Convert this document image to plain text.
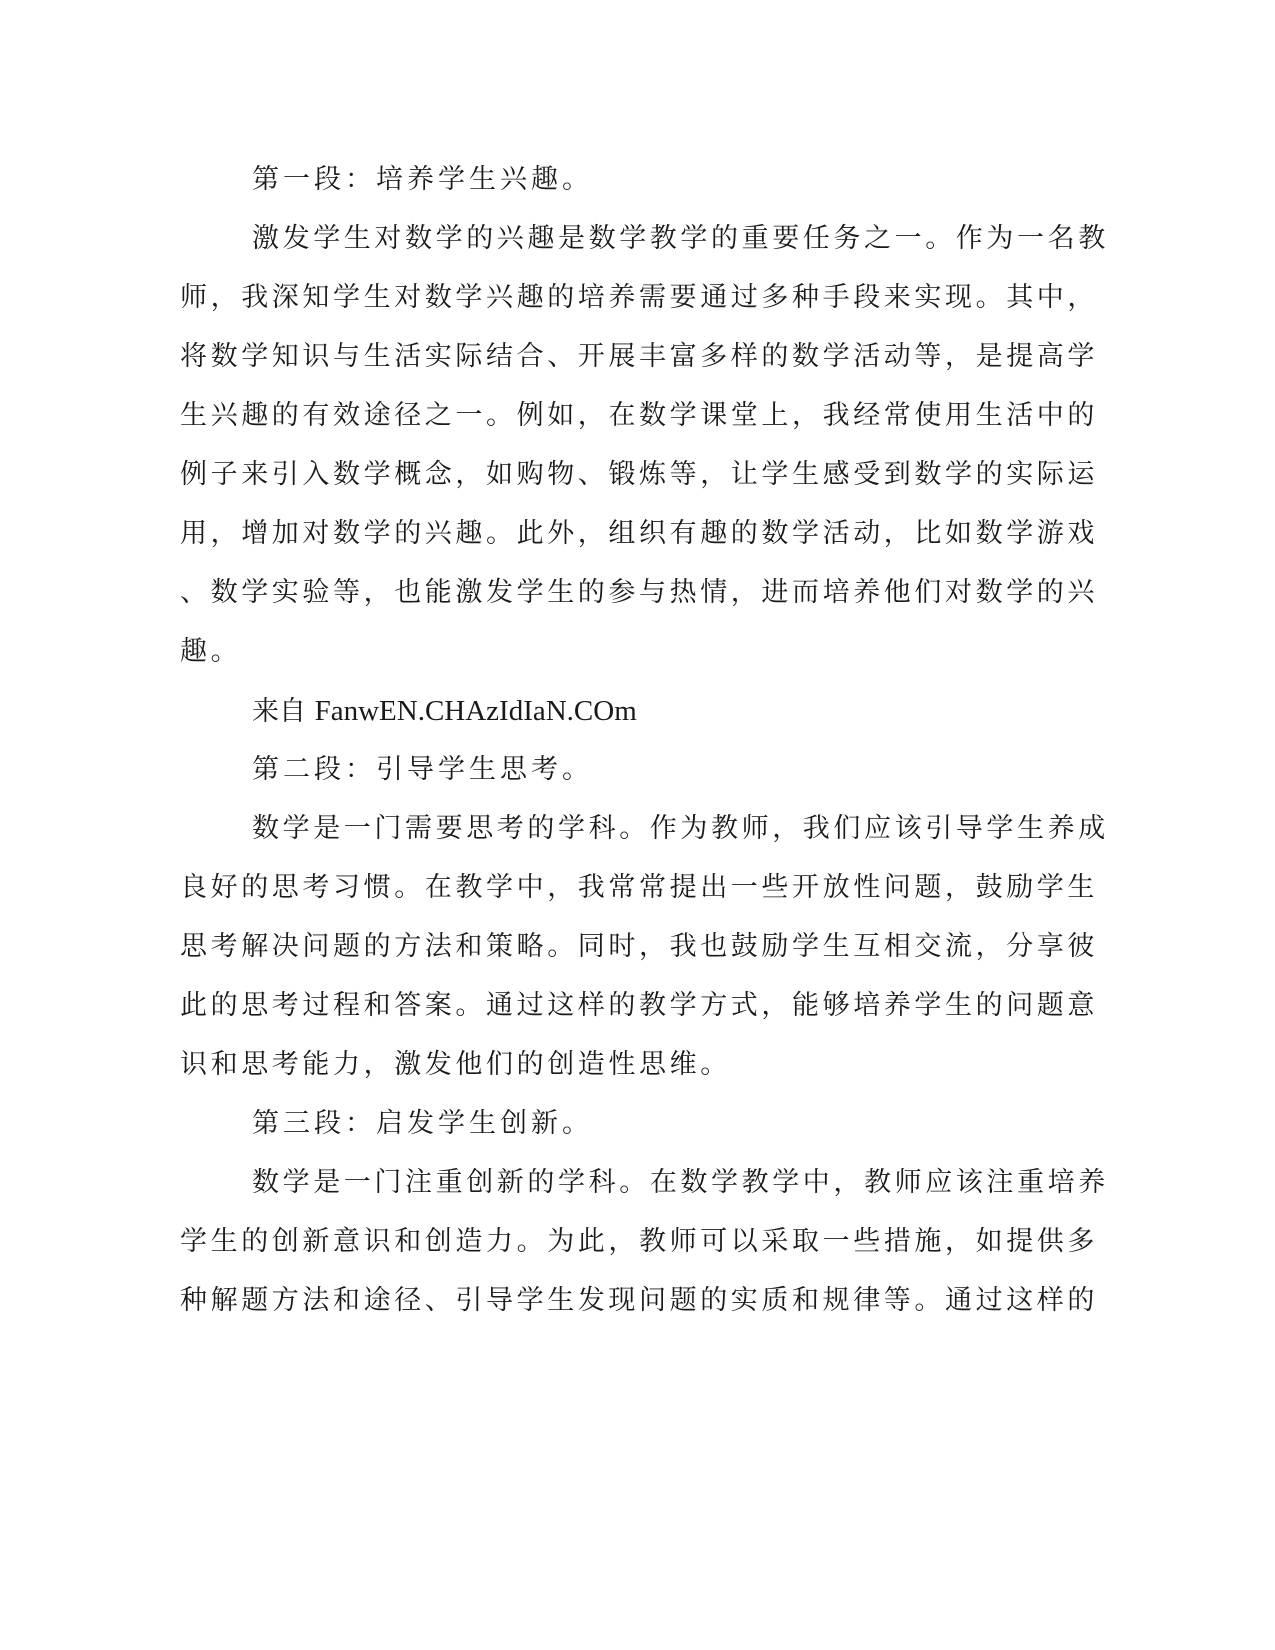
第一段：培养学生兴趣。
激发学生对数学的兴趣是数学教学的重要任务之一。作为一名教
师，我深知学生对数学兴趣的培养需要通过多种手段来实现。其中，
将数学知识与生活实际结合、开展丰富多样的数学活动等，是提高学
生兴趣的有效途径之一。例如，在数学课堂上，我经常使用生活中的
例子来引入数学概念，如购物、锻炼等，让学生感受到数学的实际运
用，增加对数学的兴趣。此外，组织有趣的数学活动，比如数学游戏
、数学实验等，也能激发学生的参与热情，进而培养他们对数学的兴
趣。
来自 FanwEN.CHAzIdIaN.COm
第二段：引导学生思考。
数学是一门需要思考的学科。作为教师，我们应该引导学生养成
良好的思考习惯。在教学中，我常常提出一些开放性问题，鼓励学生
思考解决问题的方法和策略。同时，我也鼓励学生互相交流，分享彼
此的思考过程和答案。通过这样的教学方式，能够培养学生的问题意
识和思考能力，激发他们的创造性思维。
第三段：启发学生创新。
数学是一门注重创新的学科。在数学教学中，教师应该注重培养
学生的创新意识和创造力。为此，教师可以采取一些措施，如提供多
种解题方法和途径、引导学生发现问题的实质和规律等。通过这样的
